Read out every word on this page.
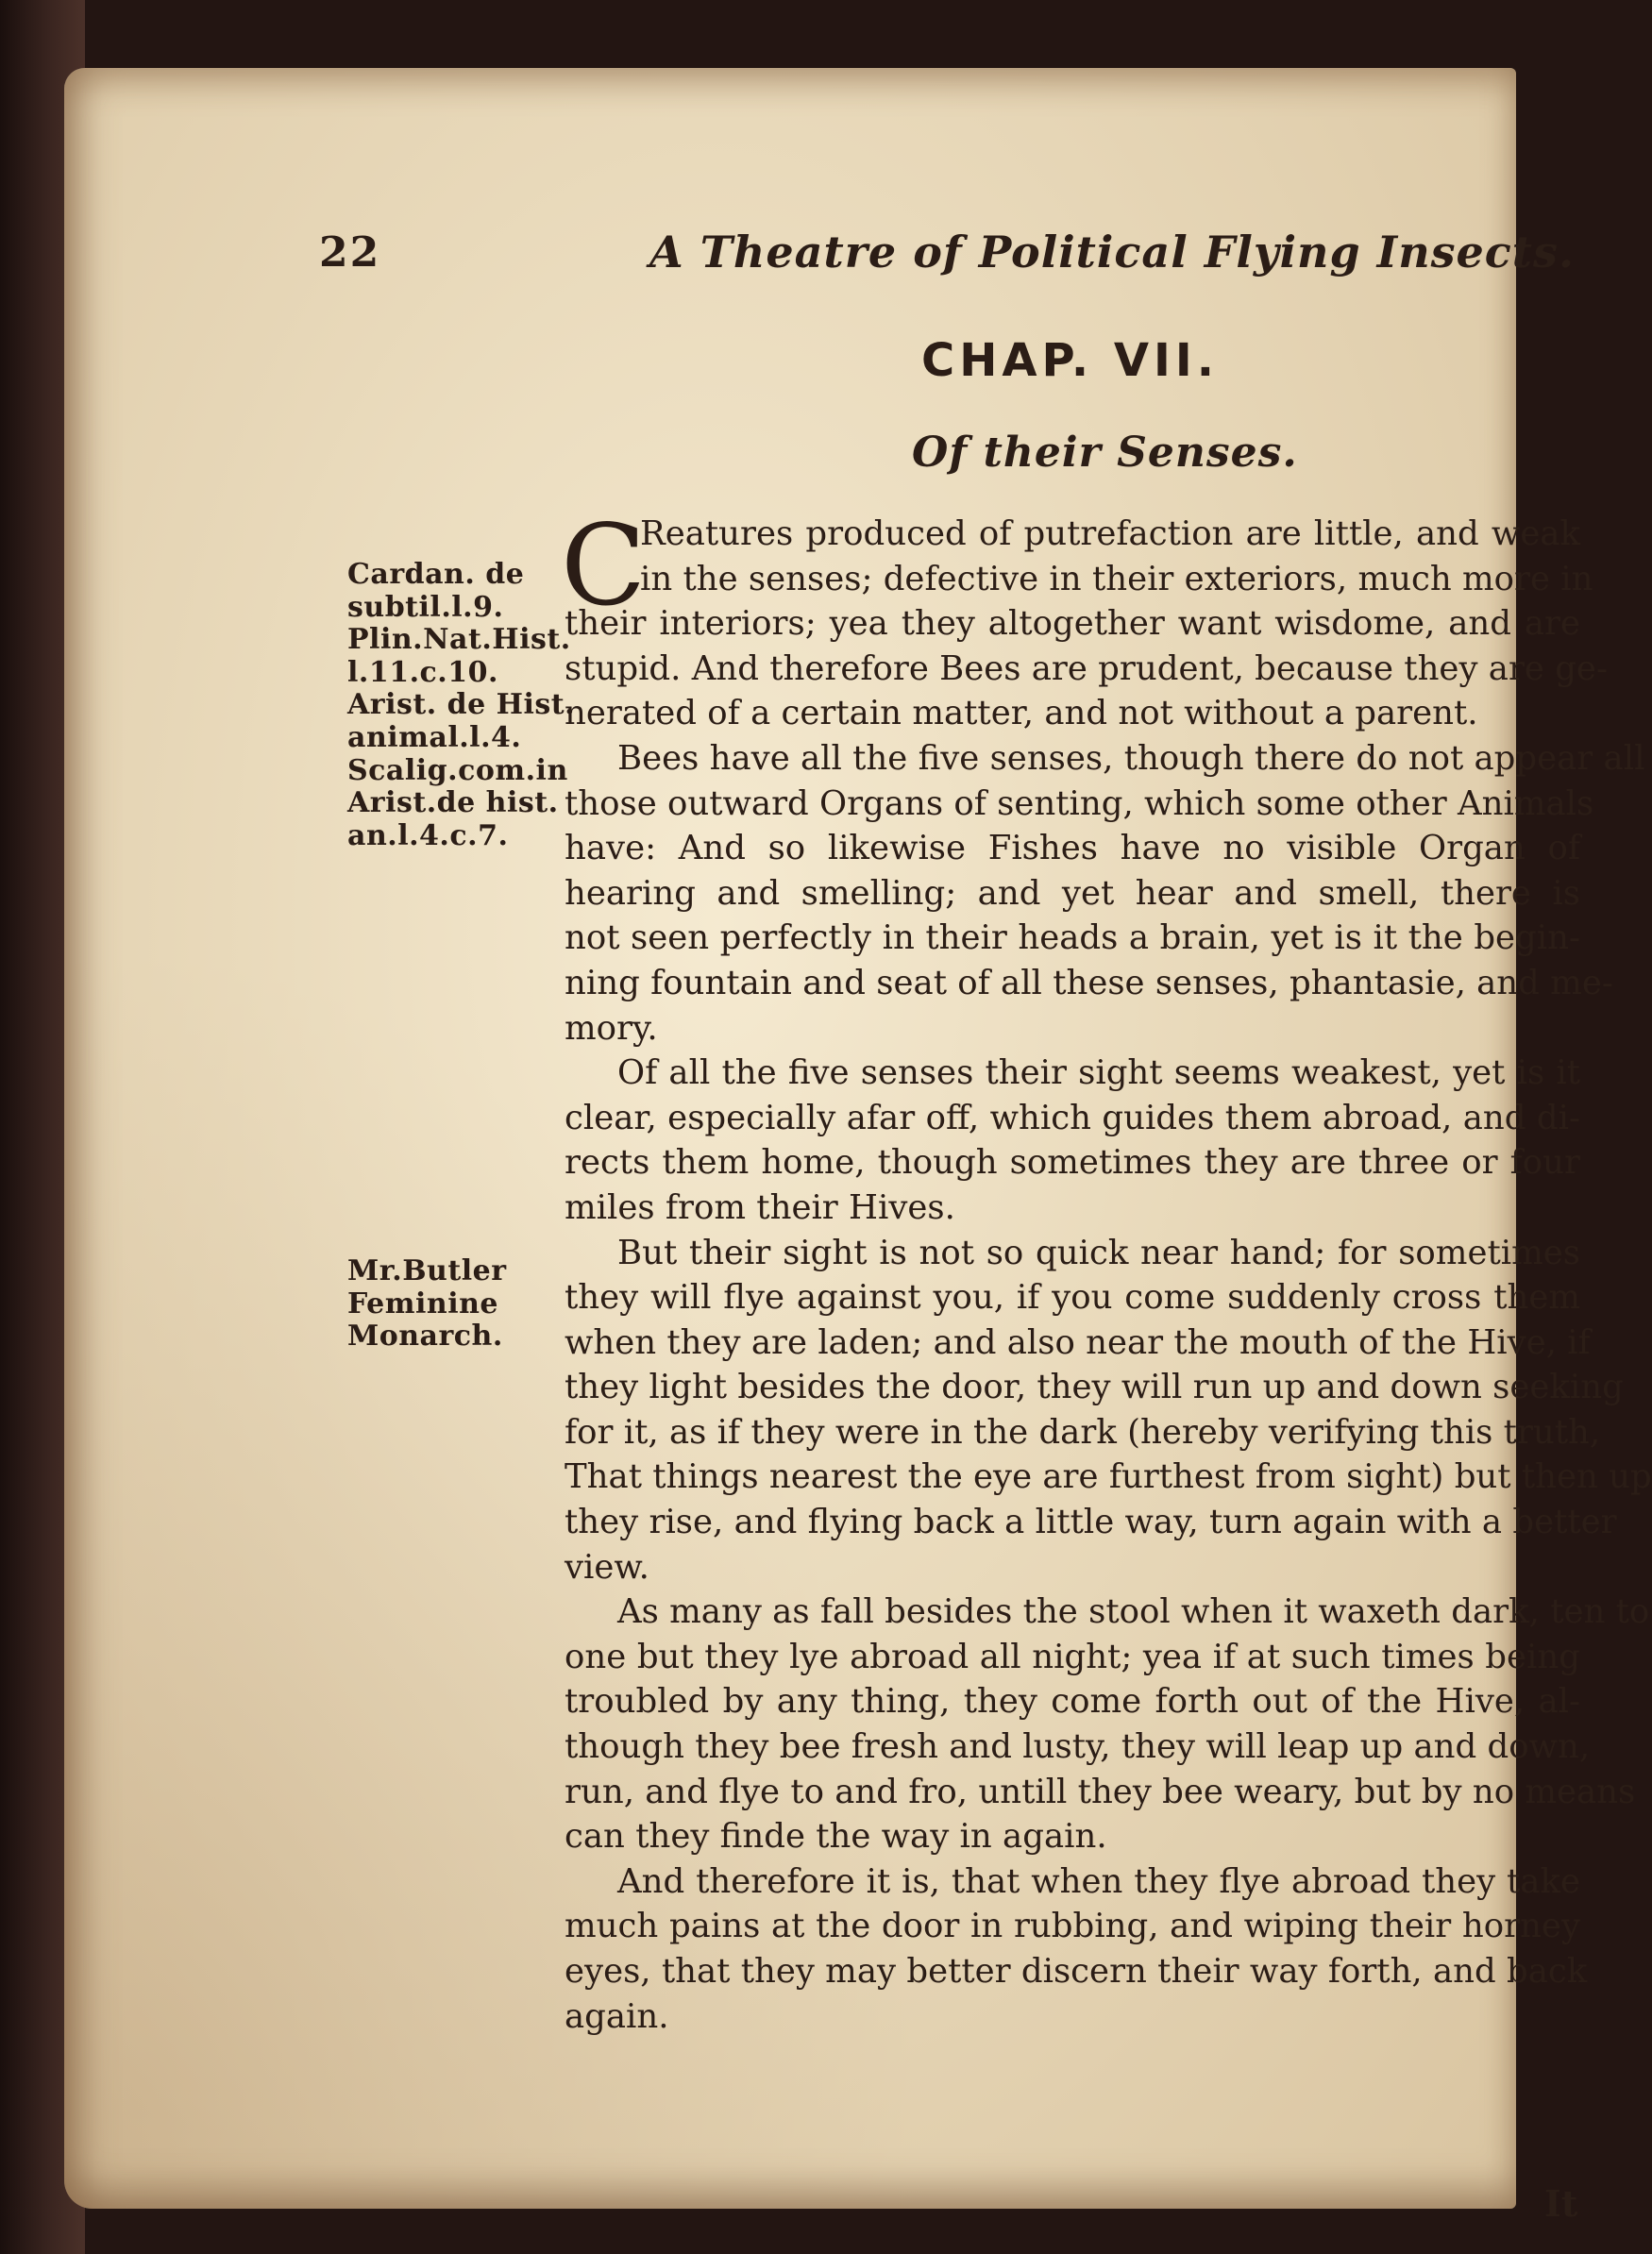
22	A Theatre of Political Flying Insects.
CHAP. VII.
Of their Senses.
Cardan. de
subtil.l.9.
Plin.Nat.Hist.
l.11.c.10.
Arist. de Hist.
animal.l.4.
Scalig.com.in
Arist.de hist.
an.l.4.c.7.
Mr.Butler
Feminine
Monarch.
C
Reatures produced of putrefaction are little, and weak
in the senses; defective in their exteriors, much more in
their interiors; yea they altogether want wisdome, and are
stupid. And therefore Bees are prudent, because they are ge-
nerated of a certain matter, and not without a parent.
Bees have all the five senses, though there do not appear all
those outward Organs of senting, which some other Animals
have: And so likewise Fishes have no visible Organ of
hearing and smelling; and yet hear and smell, there is
not seen perfectly in their heads a brain, yet is it the begin-
ning fountain and seat of all these senses, phantasie, and me-
mory.
Of all the five senses their sight seems weakest, yet is it
clear, especially afar off, which guides them abroad, and di-
rects them home, though sometimes they are three or four
miles from their Hives.
But their sight is not so quick near hand; for sometimes
they will flye against you, if you come suddenly cross them
when they are laden; and also near the mouth of the Hive, if
they light besides the door, they will run up and down seeking
for it, as if they were in the dark (hereby verifying this truth,
That things nearest the eye are furthest from sight) but then up
they rise, and flying back a little way, turn again with a better
view.
As many as fall besides the stool when it waxeth dark, ten to
one but they lye abroad all night; yea if at such times being
troubled by any thing, they come forth out of the Hive, al-
though they bee fresh and lusty, they will leap up and down,
run, and flye to and fro, untill they bee weary, but by no means
can they finde the way in again.
And therefore it is, that when they flye abroad they take
much pains at the door in rubbing, and wiping their horney
eyes, that they may better discern their way forth, and back
again.
It
